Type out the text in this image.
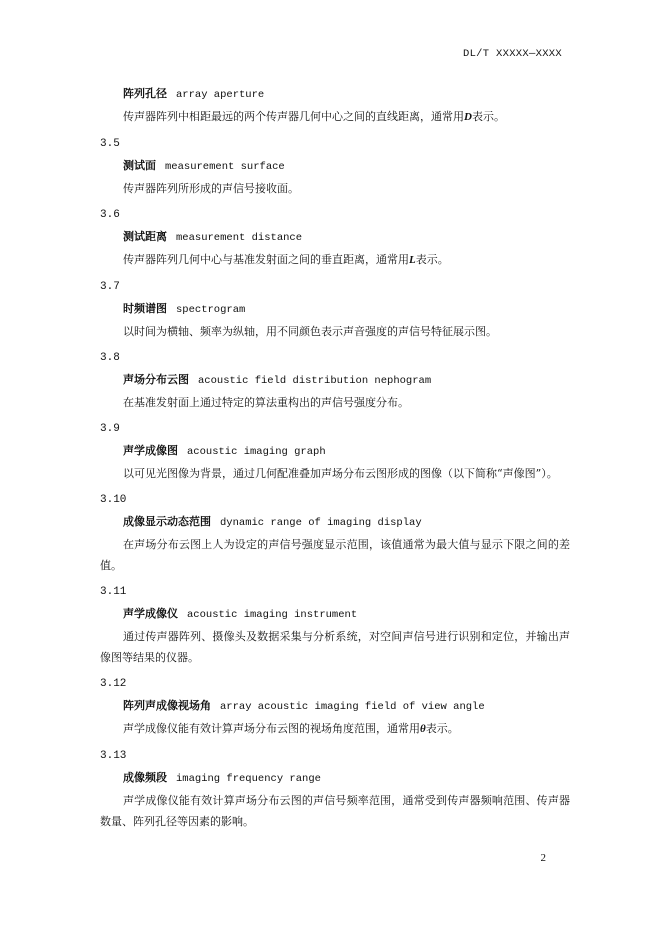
DL/T XXXXX—XXXX
阵列孔径 array aperture

传声器阵列中相距最远的两个传声器几何中心之间的直线距离，通常用D表示。

3.5
测试面 measurement surface

传声器阵列所形成的声信号接收面。

3.6
测试距离 measurement distance

传声器阵列几何中心与基准发射面之间的垂直距离，通常用L表示。

3.7
时频谱图 spectrogram

以时间为横轴、频率为纵轴，用不同颜色表示声音强度的声信号特征展示图。

3.8
声场分布云图 acoustic field distribution nephogram

在基准发射面上通过特定的算法重构出的声信号强度分布。

3.9
声学成像图 acoustic imaging graph

以可见光图像为背景，通过几何配准叠加声场分布云图形成的图像（以下简称“声像图”）。

3.10
成像显示动态范围 dynamic range of imaging display

在声场分布云图上人为设定的声信号强度显示范围，该值通常为最大值与显示下限之间的差值。

3.11
声学成像仪 acoustic imaging instrument

通过传声器阵列、摄像头及数据采集与分析系统，对空间声信号进行识别和定位，并输出声像图等结果的仪器。

3.12
阵列声成像视场角 array acoustic imaging field of view angle

声学成像仪能有效计算声场分布云图的视场角度范围，通常用θ表示。

3.13
成像频段 imaging frequency range

声学成像仪能有效计算声场分布云图的声信号频率范围，通常受到传声器频响范围、传声器数量、阵列孔径等因素的影响。

2
